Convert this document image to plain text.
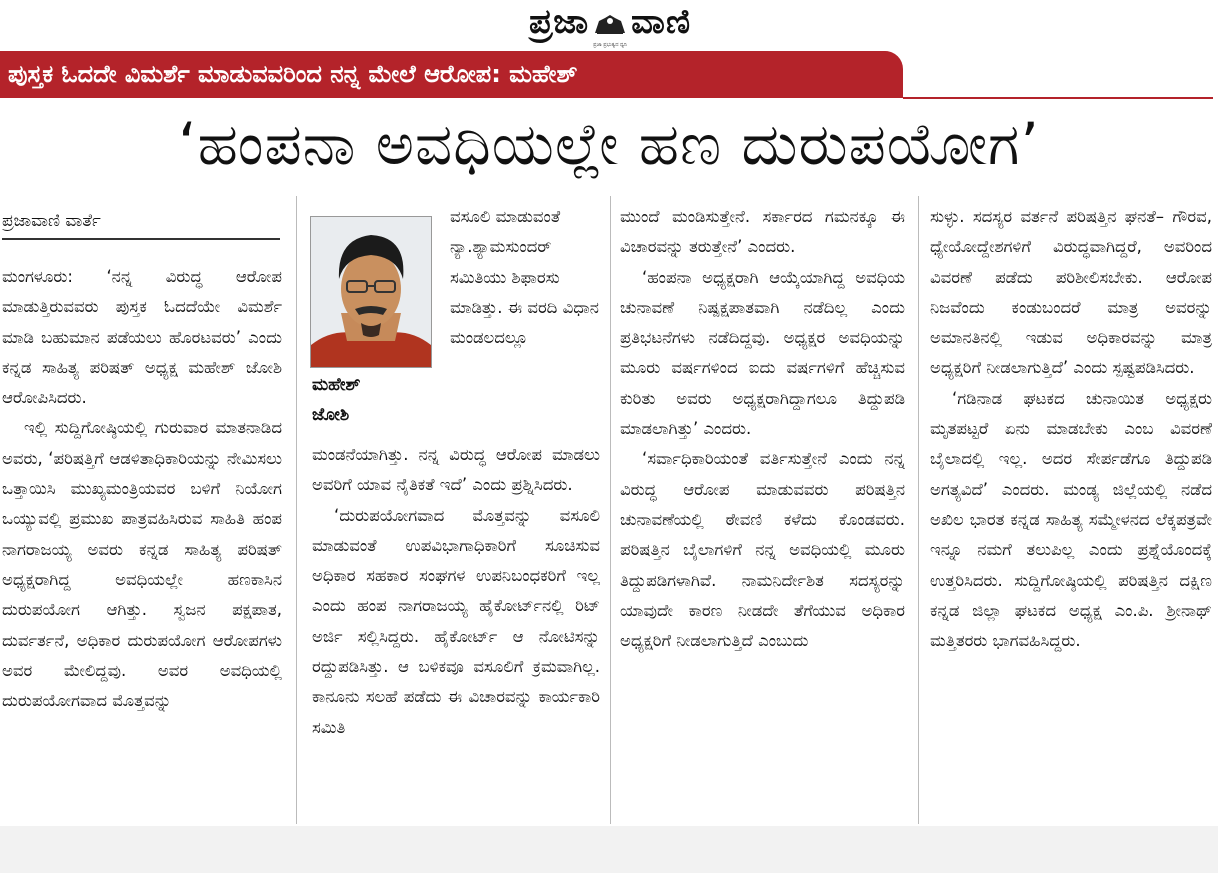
ಪ್ರಜಾ ವಾಣಿ
ಪ್ರಜಾ ಪ್ರಭುತ್ವದ ಧ್ವನಿ
ಪುಸ್ತಕ ಓದದೇ ವಿಮರ್ಶೆ ಮಾಡುವವರಿಂದ ನನ್ನ ಮೇಲೆ ಆರೋಪ: ಮಹೇಶ್
‘ಹಂಪನಾ ಅವಧಿಯಲ್ಲೇ ಹಣ ದುರುಪಯೋಗ’
ಪ್ರಜಾವಾಣಿ ವಾರ್ತೆ

ಮಂಗಳೂರು: ‘ನನ್ನ ವಿರುದ್ಧ ಆರೋಪ ಮಾಡುತ್ತಿರುವವರು ಪುಸ್ತಕ ಓದದೆಯೇ ವಿಮರ್ಶೆ ಮಾಡಿ ಬಹುಮಾನ ಪಡೆಯಲು ಹೊರಟವರು’ ಎಂದು ಕನ್ನಡ ಸಾಹಿತ್ಯ ಪರಿಷತ್ ಅಧ್ಯಕ್ಷ ಮಹೇಶ್ ಜೋಶಿ ಆರೋಪಿಸಿದರು.

ಇಲ್ಲಿ ಸುದ್ದಿಗೋಷ್ಠಿಯಲ್ಲಿ ಗುರುವಾರ ಮಾತನಾಡಿದ ಅವರು, ‘ಪರಿಷತ್ತಿಗೆ ಆಡಳಿತಾಧಿಕಾರಿಯನ್ನು ನೇಮಿಸಲು ಒತ್ತಾಯಿಸಿ ಮುಖ್ಯಮಂತ್ರಿಯವರ ಬಳಿಗೆ ನಿಯೋಗ ಒಯ್ಯುವಲ್ಲಿ ಪ್ರಮುಖ ಪಾತ್ರವಹಿಸಿರುವ ಸಾಹಿತಿ ಹಂಪ ನಾಗರಾಜಯ್ಯ ಅವರು ಕನ್ನಡ ಸಾಹಿತ್ಯ ಪರಿಷತ್ ಅಧ್ಯಕ್ಷರಾಗಿದ್ದ ಅವಧಿಯಲ್ಲೇ ಹಣಕಾಸಿನ ದುರುಪಯೋಗ ಆಗಿತ್ತು. ಸ್ವಜನ ಪಕ್ಷಪಾತ, ದುರ್ವರ್ತನೆ, ಅಧಿಕಾರ ದುರುಪಯೋಗ ಆರೋಪಗಳು ಅವರ ಮೇಲಿದ್ದವು. ಅವರ ಅವಧಿಯಲ್ಲಿ ದುರುಪಯೋಗವಾದ ಮೊತ್ತವನ್ನು

ಮಹೇಶ್
ಜೋಶಿ

ವಸೂಲಿ ಮಾಡುವಂತೆ ನ್ಯಾ.ಶ್ಯಾಮಸುಂದರ್ ಸಮಿತಿಯು ಶಿಫಾರಸು ಮಾಡಿತ್ತು. ಈ ವರದಿ ವಿಧಾನ ಮಂಡಲದಲ್ಲೂ

ಮಂಡನೆಯಾಗಿತ್ತು. ನನ್ನ ವಿರುದ್ಧ ಆರೋಪ ಮಾಡಲು ಅವರಿಗೆ ಯಾವ ನೈತಿಕತೆ ಇದೆ’ ಎಂದು ಪ್ರಶ್ನಿಸಿದರು.

‘ದುರುಪಯೋಗವಾದ ಮೊತ್ತವನ್ನು ವಸೂಲಿ ಮಾಡುವಂತೆ ಉಪವಿಭಾಗಾಧಿಕಾರಿಗೆ ಸೂಚಿಸುವ ಅಧಿಕಾರ ಸಹಕಾರ ಸಂಘಗಳ ಉಪನಿಬಂಧಕರಿಗೆ ಇಲ್ಲ ಎಂದು ಹಂಪ ನಾಗರಾಜಯ್ಯ ಹೈಕೋರ್ಟ್‌ನಲ್ಲಿ ರಿಟ್ ಅರ್ಜಿ ಸಲ್ಲಿಸಿದ್ದರು. ಹೈಕೋರ್ಟ್ ಆ ನೋಟಿಸನ್ನು ರದ್ದುಪಡಿಸಿತ್ತು. ಆ ಬಳಿಕವೂ ವಸೂಲಿಗೆ ಕ್ರಮವಾಗಿಲ್ಲ. ಕಾನೂನು ಸಲಹೆ ಪಡೆದು ಈ ವಿಚಾರವನ್ನು ಕಾರ್ಯಕಾರಿ ಸಮಿತಿ

ಮುಂದೆ ಮಂಡಿಸುತ್ತೇನೆ. ಸರ್ಕಾರದ ಗಮನಕ್ಕೂ ಈ ವಿಚಾರವನ್ನು ತರುತ್ತೇನೆ’ ಎಂದರು.

‘ಹಂಪನಾ ಅಧ್ಯಕ್ಷರಾಗಿ ಆಯ್ಕೆಯಾಗಿದ್ದ ಅವಧಿಯ ಚುನಾವಣೆ ನಿಷ್ಪಕ್ಷಪಾತವಾಗಿ ನಡೆದಿಲ್ಲ ಎಂದು ಪ್ರತಿಭಟನೆಗಳು ನಡೆದಿದ್ದವು. ಅಧ್ಯಕ್ಷರ ಅವಧಿಯನ್ನು ಮೂರು ವರ್ಷಗಳಿಂದ ಐದು ವರ್ಷಗಳಿಗೆ ಹೆಚ್ಚಿಸುವ ಕುರಿತು ಅವರು ಅಧ್ಯಕ್ಷರಾಗಿದ್ದಾಗಲೂ ತಿದ್ದುಪಡಿ ಮಾಡಲಾಗಿತ್ತು’ ಎಂದರು.

‘ಸರ್ವಾಧಿಕಾರಿಯಂತೆ ವರ್ತಿಸುತ್ತೇನೆ ಎಂದು ನನ್ನ ವಿರುದ್ಧ ಆರೋಪ ಮಾಡುವವರು ಪರಿಷತ್ತಿನ ಚುನಾವಣೆಯಲ್ಲಿ ಠೇವಣಿ ಕಳೆದು ಕೊಂಡವರು. ಪರಿಷತ್ತಿನ ಬೈಲಾಗಳಿಗೆ ನನ್ನ ಅವಧಿಯಲ್ಲಿ ಮೂರು ತಿದ್ದುಪಡಿಗಳಾಗಿವೆ. ನಾಮನಿರ್ದೇಶಿತ ಸದಸ್ಯರನ್ನು ಯಾವುದೇ ಕಾರಣ ನೀಡದೇ ತೆಗೆಯುವ ಅಧಿಕಾರ ಅಧ್ಯಕ್ಷರಿಗೆ ನೀಡಲಾಗುತ್ತಿದೆ ಎಂಬುದು

ಸುಳ್ಳು. ಸದಸ್ಯರ ವರ್ತನೆ ಪರಿಷತ್ತಿನ ಘನತೆ– ಗೌರವ, ಧ್ಯೇಯೋದ್ದೇಶಗಳಿಗೆ ವಿರುದ್ಧವಾಗಿದ್ದರೆ, ಅವರಿಂದ ವಿವರಣೆ ಪಡೆದು ಪರಿಶೀಲಿಸಬೇಕು. ಆರೋಪ ನಿಜವೆಂದು ಕಂಡುಬಂದರೆ ಮಾತ್ರ ಅವರನ್ನು ಅಮಾನತಿನಲ್ಲಿ ಇಡುವ ಅಧಿಕಾರವನ್ನು ಮಾತ್ರ ಅಧ್ಯಕ್ಷರಿಗೆ ನೀಡಲಾಗುತ್ತಿದೆ’ ಎಂದು ಸ್ಪಷ್ಟಪಡಿಸಿದರು.

‘ಗಡಿನಾಡ ಘಟಕದ ಚುನಾಯಿತ ಅಧ್ಯಕ್ಷರು ಮೃತಪಟ್ಟರೆ ಏನು ಮಾಡಬೇಕು ಎಂಬ ವಿವರಣೆ ಬೈಲಾದಲ್ಲಿ ಇಲ್ಲ. ಅದರ ಸೇರ್ಪಡೆಗೂ ತಿದ್ದುಪಡಿ ಅಗತ್ಯವಿದೆ’ ಎಂದರು. ಮಂಡ್ಯ ಜಿಲ್ಲೆಯಲ್ಲಿ ನಡೆದ ಅಖಿಲ ಭಾರತ ಕನ್ನಡ ಸಾಹಿತ್ಯ ಸಮ್ಮೇಳನದ ಲೆಕ್ಕಪತ್ರವೇ ಇನ್ನೂ ನಮಗೆ ತಲುಪಿಲ್ಲ ಎಂದು ಪ್ರಶ್ನೆಯೊಂದಕ್ಕೆ ಉತ್ತರಿಸಿದರು. ಸುದ್ದಿಗೋಷ್ಠಿಯಲ್ಲಿ ಪರಿಷತ್ತಿನ ದಕ್ಷಿಣ ಕನ್ನಡ ಜಿಲ್ಲಾ ಘಟಕದ ಅಧ್ಯಕ್ಷ ಎಂ.ಪಿ. ಶ್ರೀನಾಥ್ ಮತ್ತಿತರರು ಭಾಗವಹಿಸಿದ್ದರು.
